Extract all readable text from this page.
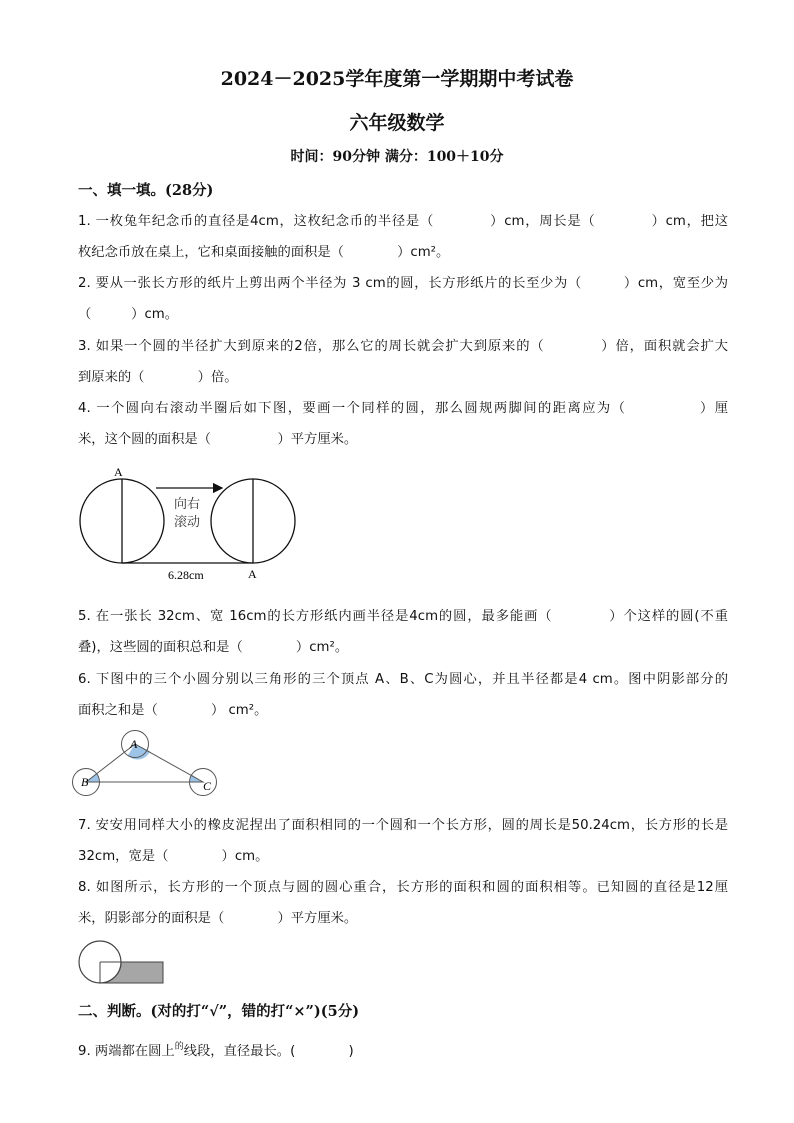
2024－2025学年度第一学期期中考试卷
六年级数学
时间：90分钟 满分：100＋10分
一、填一填。(28分)
1. 一枚兔年纪念币的直径是4cm，这枚纪念币的半径是（　　　　）cm，周长是（　　　　）cm，把这
枚纪念币放在桌上，它和桌面接触的面积是（　　　　）cm²。
2. 要从一张长方形的纸片上剪出两个半径为 3 cm的圆，长方形纸片的长至少为（　　　）cm，宽至少为
（　　　）cm。
3. 如果一个圆的半径扩大到原来的2倍，那么它的周长就会扩大到原来的（　　　　）倍，面积就会扩大
到原来的（　　　　）倍。
4. 一个圆向右滚动半圈后如下图，要画一个同样的圆，那么圆规两脚间的距离应为（　　　　　）厘
米，这个圆的面积是（　　　　　）平方厘米。
A
A
向右
滚动
6.28cm
5. 在一张长 32cm、宽 16cm的长方形纸内画半径是4cm的圆，最多能画（　　　　）个这样的圆(不重
叠)，这些圆的面积总和是（　　　　）cm²。
6. 下图中的三个小圆分别以三角形的三个顶点 A、B、C为圆心，并且半径都是4 cm。图中阴影部分的
面积之和是（　　　　） cm²。
A
B	C
7. 安安用同样大小的橡皮泥捏出了面积相同的一个圆和一个长方形，圆的周长是50.24cm，长方形的长是
32cm，宽是（　　　　）cm。
8. 如图所示，长方形的一个顶点与圆的圆心重合，长方形的面积和圆的面积相等。已知圆的直径是12厘
米，阴影部分的面积是（　　　　）平方厘米。
二、判断。(对的打“√”，错的打“×”)(5分)
9. 两端都在圆上$^的$线段，直径最长。(　　　　)
